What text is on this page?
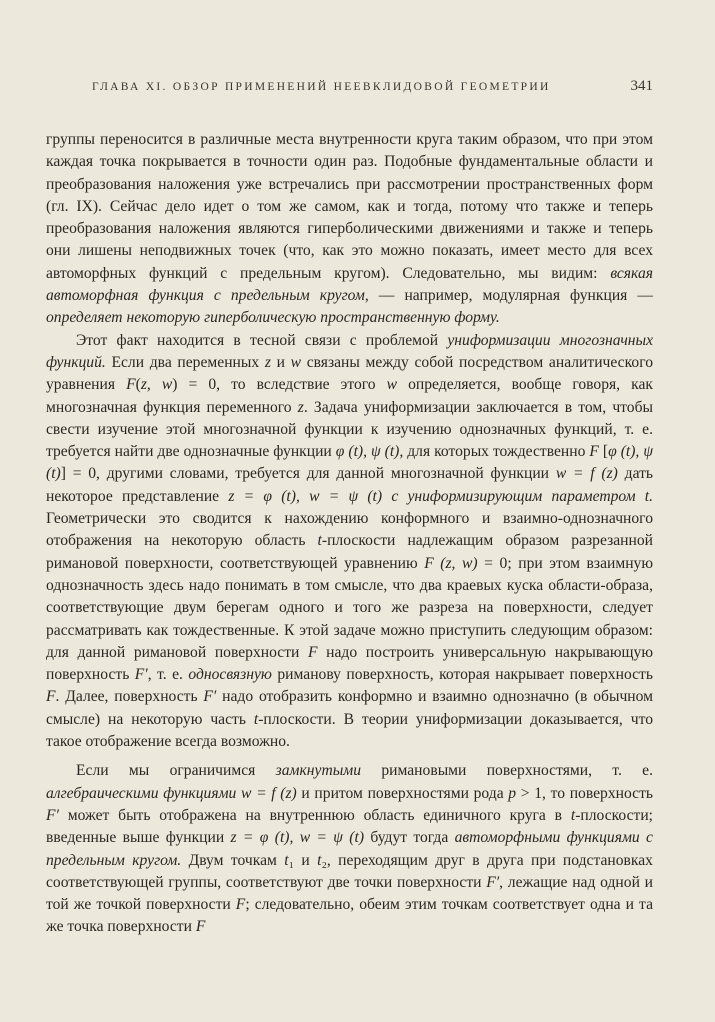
ГЛАВА XI. ОБЗОР ПРИМЕНЕНИЙ НЕЕВКЛИДОВОЙ ГЕОМЕТРИИ	341

группы переносится в различные места внутренности круга таким образом, что при этом каждая точка покрывается в точности один раз. Подобные фундаментальные области и преобразования наложения уже встречались при рассмотрении пространственных форм (гл. IX). Сейчас дело идет о том же самом, как и тогда, потому что также и теперь преобразования наложения являются гиперболическими движениями и также и теперь они лишены неподвижных точек (что, как это можно показать, имеет место для всех автоморфных функций с предельным кругом). Следовательно, мы видим: всякая автоморфная функция с предельным кругом, — например, модулярная функция — определяет некоторую гиперболическую пространственную форму.

Этот факт находится в тесной связи с проблемой униформизации многозначных функций. Если два переменных z и w связаны между собой посредством аналитического уравнения F(z, w) = 0, то вследствие этого w определяется, вообще говоря, как многозначная функция переменного z. Задача униформизации заключается в том, чтобы свести изучение этой многозначной функции к изучению однозначных функций, т. е. требуется найти две однозначные функции φ (t), ψ (t), для которых тождественно F [φ (t), ψ (t)] = 0, другими словами, требуется для данной многозначной функции w = f (z) дать некоторое представление z = φ (t), w = ψ (t) с униформизирующим параметром t. Геометрически это сводится к нахождению конформного и взаимно-однозначного отображения на некоторую область t-плоскости надлежащим образом разрезанной римановой поверхности, соответствующей уравнению F (z, w) = 0; при этом взаимную однозначность здесь надо понимать в том смысле, что два краевых куска области-образа, соответствующие двум берегам одного и того же разреза на поверхности, следует рассматривать как тождественные. К этой задаче можно приступить следующим образом: для данной римановой поверхности F надо построить универсальную накрывающую поверхность F′, т. е. односвязную риманову поверхность, которая накрывает поверхность F. Далее, поверхность F′ надо отобразить конформно и взаимно однозначно (в обычном смысле) на некоторую часть t-плоскости. В теории униформизации доказывается, что такое отображение всегда возможно.

Если мы ограничимся замкнутыми римановыми поверхностями, т. е. алгебраическими функциями w = f (z) и притом поверхностями рода p > 1, то поверхность F′ может быть отображена на внутреннюю область единичного круга в t-плоскости; введенные выше функции z = φ (t), w = ψ (t) будут тогда автоморфными функциями с предельным кругом. Двум точкам t₁ и t₂, переходящим друг в друга при подстановках соответствующей группы, соответствуют две точки поверхности F′, лежащие над одной и той же точкой поверхности F; следовательно, обеим этим точкам соответствует одна и та же точка поверхности F
